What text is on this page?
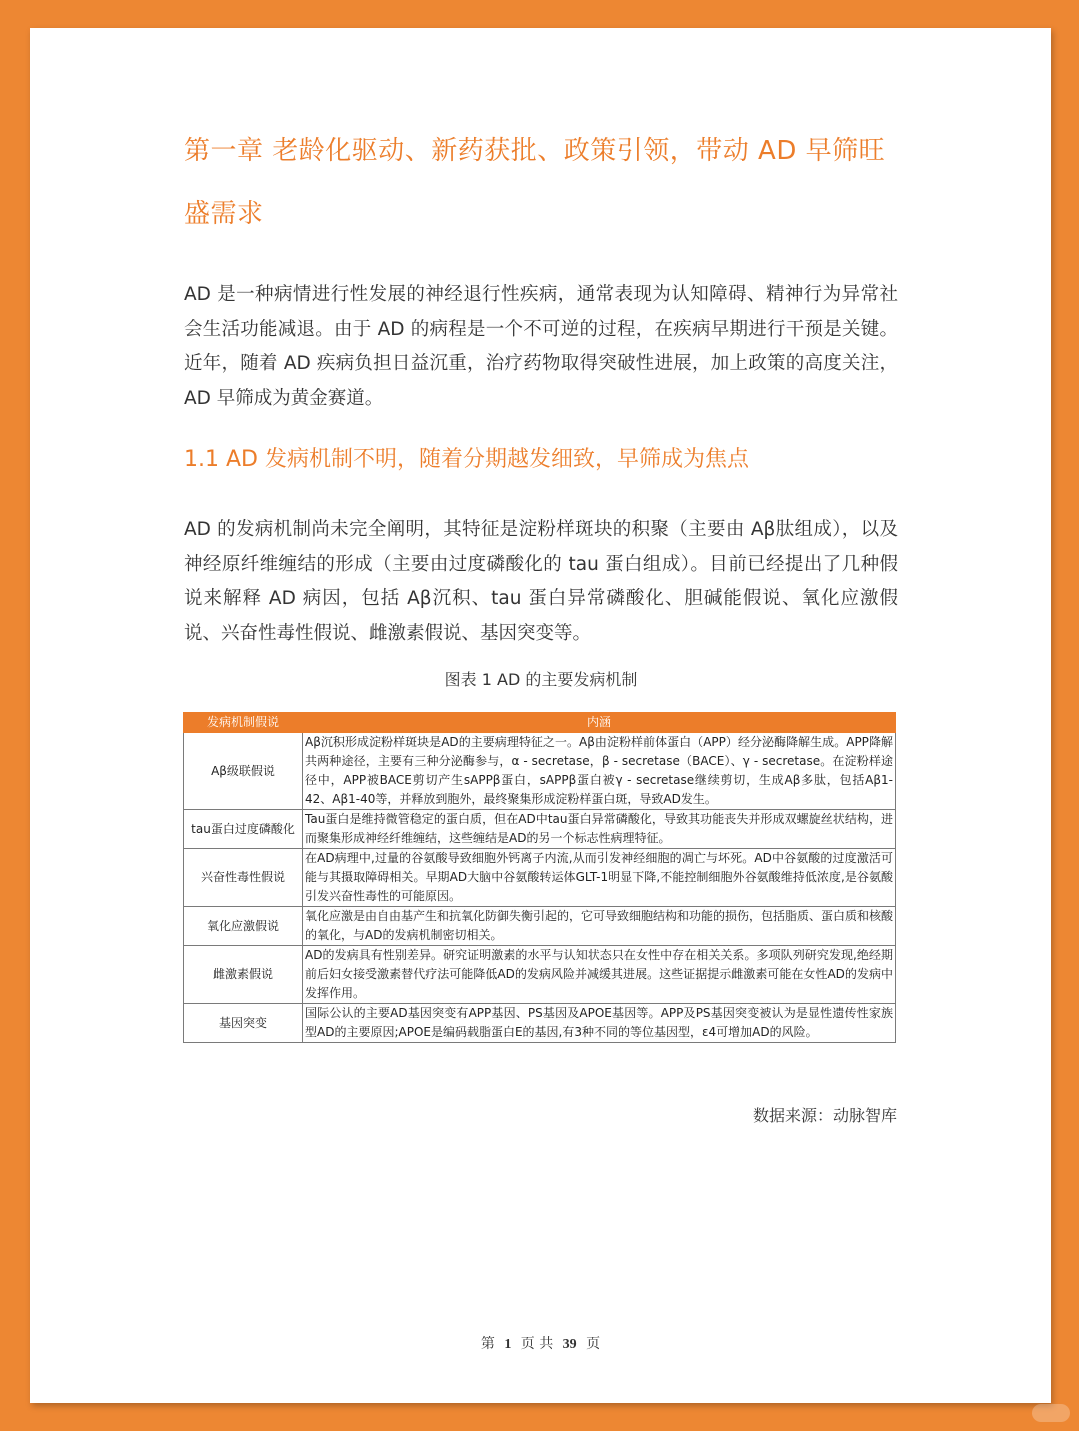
第一章 老龄化驱动、新药获批、政策引领，带动 AD 早筛旺盛需求

AD 是一种病情进行性发展的神经退行性疾病，通常表现为认知障碍、精神行为异常社会生活功能减退。由于 AD 的病程是一个不可逆的过程，在疾病早期进行干预是关键。近年，随着 AD 疾病负担日益沉重，治疗药物取得突破性进展，加上政策的高度关注，AD 早筛成为黄金赛道。

1.1 AD 发病机制不明，随着分期越发细致，早筛成为焦点

AD 的发病机制尚未完全阐明，其特征是淀粉样斑块的积聚（主要由 Aβ肽组成），以及神经原纤维缠结的形成（主要由过度磷酸化的 tau 蛋白组成）。目前已经提出了几种假说来解释 AD 病因，包括 Aβ沉积、tau 蛋白异常磷酸化、胆碱能假说、氧化应激假说、兴奋性毒性假说、雌激素假说、基因突变等。

图表 1 AD 的主要发病机制
发病机制假说	内涵
Aβ级联假说	Aβ沉积形成淀粉样斑块是AD的主要病理特征之一。Aβ由淀粉样前体蛋白（APP）经分泌酶降解生成。APP降解共两种途径，主要有三种分泌酶参与，α - secretase，β - secretase（BACE）、γ - secretase。在淀粉样途径中，APP被BACE剪切产生sAPPβ蛋白，sAPPβ蛋白被γ - secretase继续剪切，生成Aβ多肽，包括Aβ1-42、Aβ1-40等，并释放到胞外，最终聚集形成淀粉样蛋白斑，导致AD发生。
tau蛋白过度磷酸化	Tau蛋白是维持微管稳定的蛋白质，但在AD中tau蛋白异常磷酸化，导致其功能丧失并形成双螺旋丝状结构，进而聚集形成神经纤维缠结，这些缠结是AD的另一个标志性病理特征。
兴奋性毒性假说	在AD病理中,过量的谷氨酸导致细胞外钙离子内流,从而引发神经细胞的凋亡与坏死。AD中谷氨酸的过度激活可能与其摄取障碍相关。早期AD大脑中谷氨酸转运体GLT-1明显下降,不能控制细胞外谷氨酸维持低浓度,是谷氨酸引发兴奋性毒性的可能原因。
氧化应激假说	氧化应激是由自由基产生和抗氧化防御失衡引起的，它可导致细胞结构和功能的损伤，包括脂质、蛋白质和核酸的氧化，与AD的发病机制密切相关。
雌激素假说	AD的发病具有性别差异。研究证明激素的水平与认知状态只在女性中存在相关关系。多项队列研究发现,绝经期前后妇女接受激素替代疗法可能降低AD的发病风险并减缓其进展。这些证据提示雌激素可能在女性AD的发病中发挥作用。
基因突变	国际公认的主要AD基因突变有APP基因、PS基因及APOE基因等。APP及PS基因突变被认为是显性遗传性家族型AD的主要原因;APOE是编码载脂蛋白E的基因,有3种不同的等位基因型，ε4可增加AD的风险。
数据来源：动脉智库
第 1 页 共 39 页
